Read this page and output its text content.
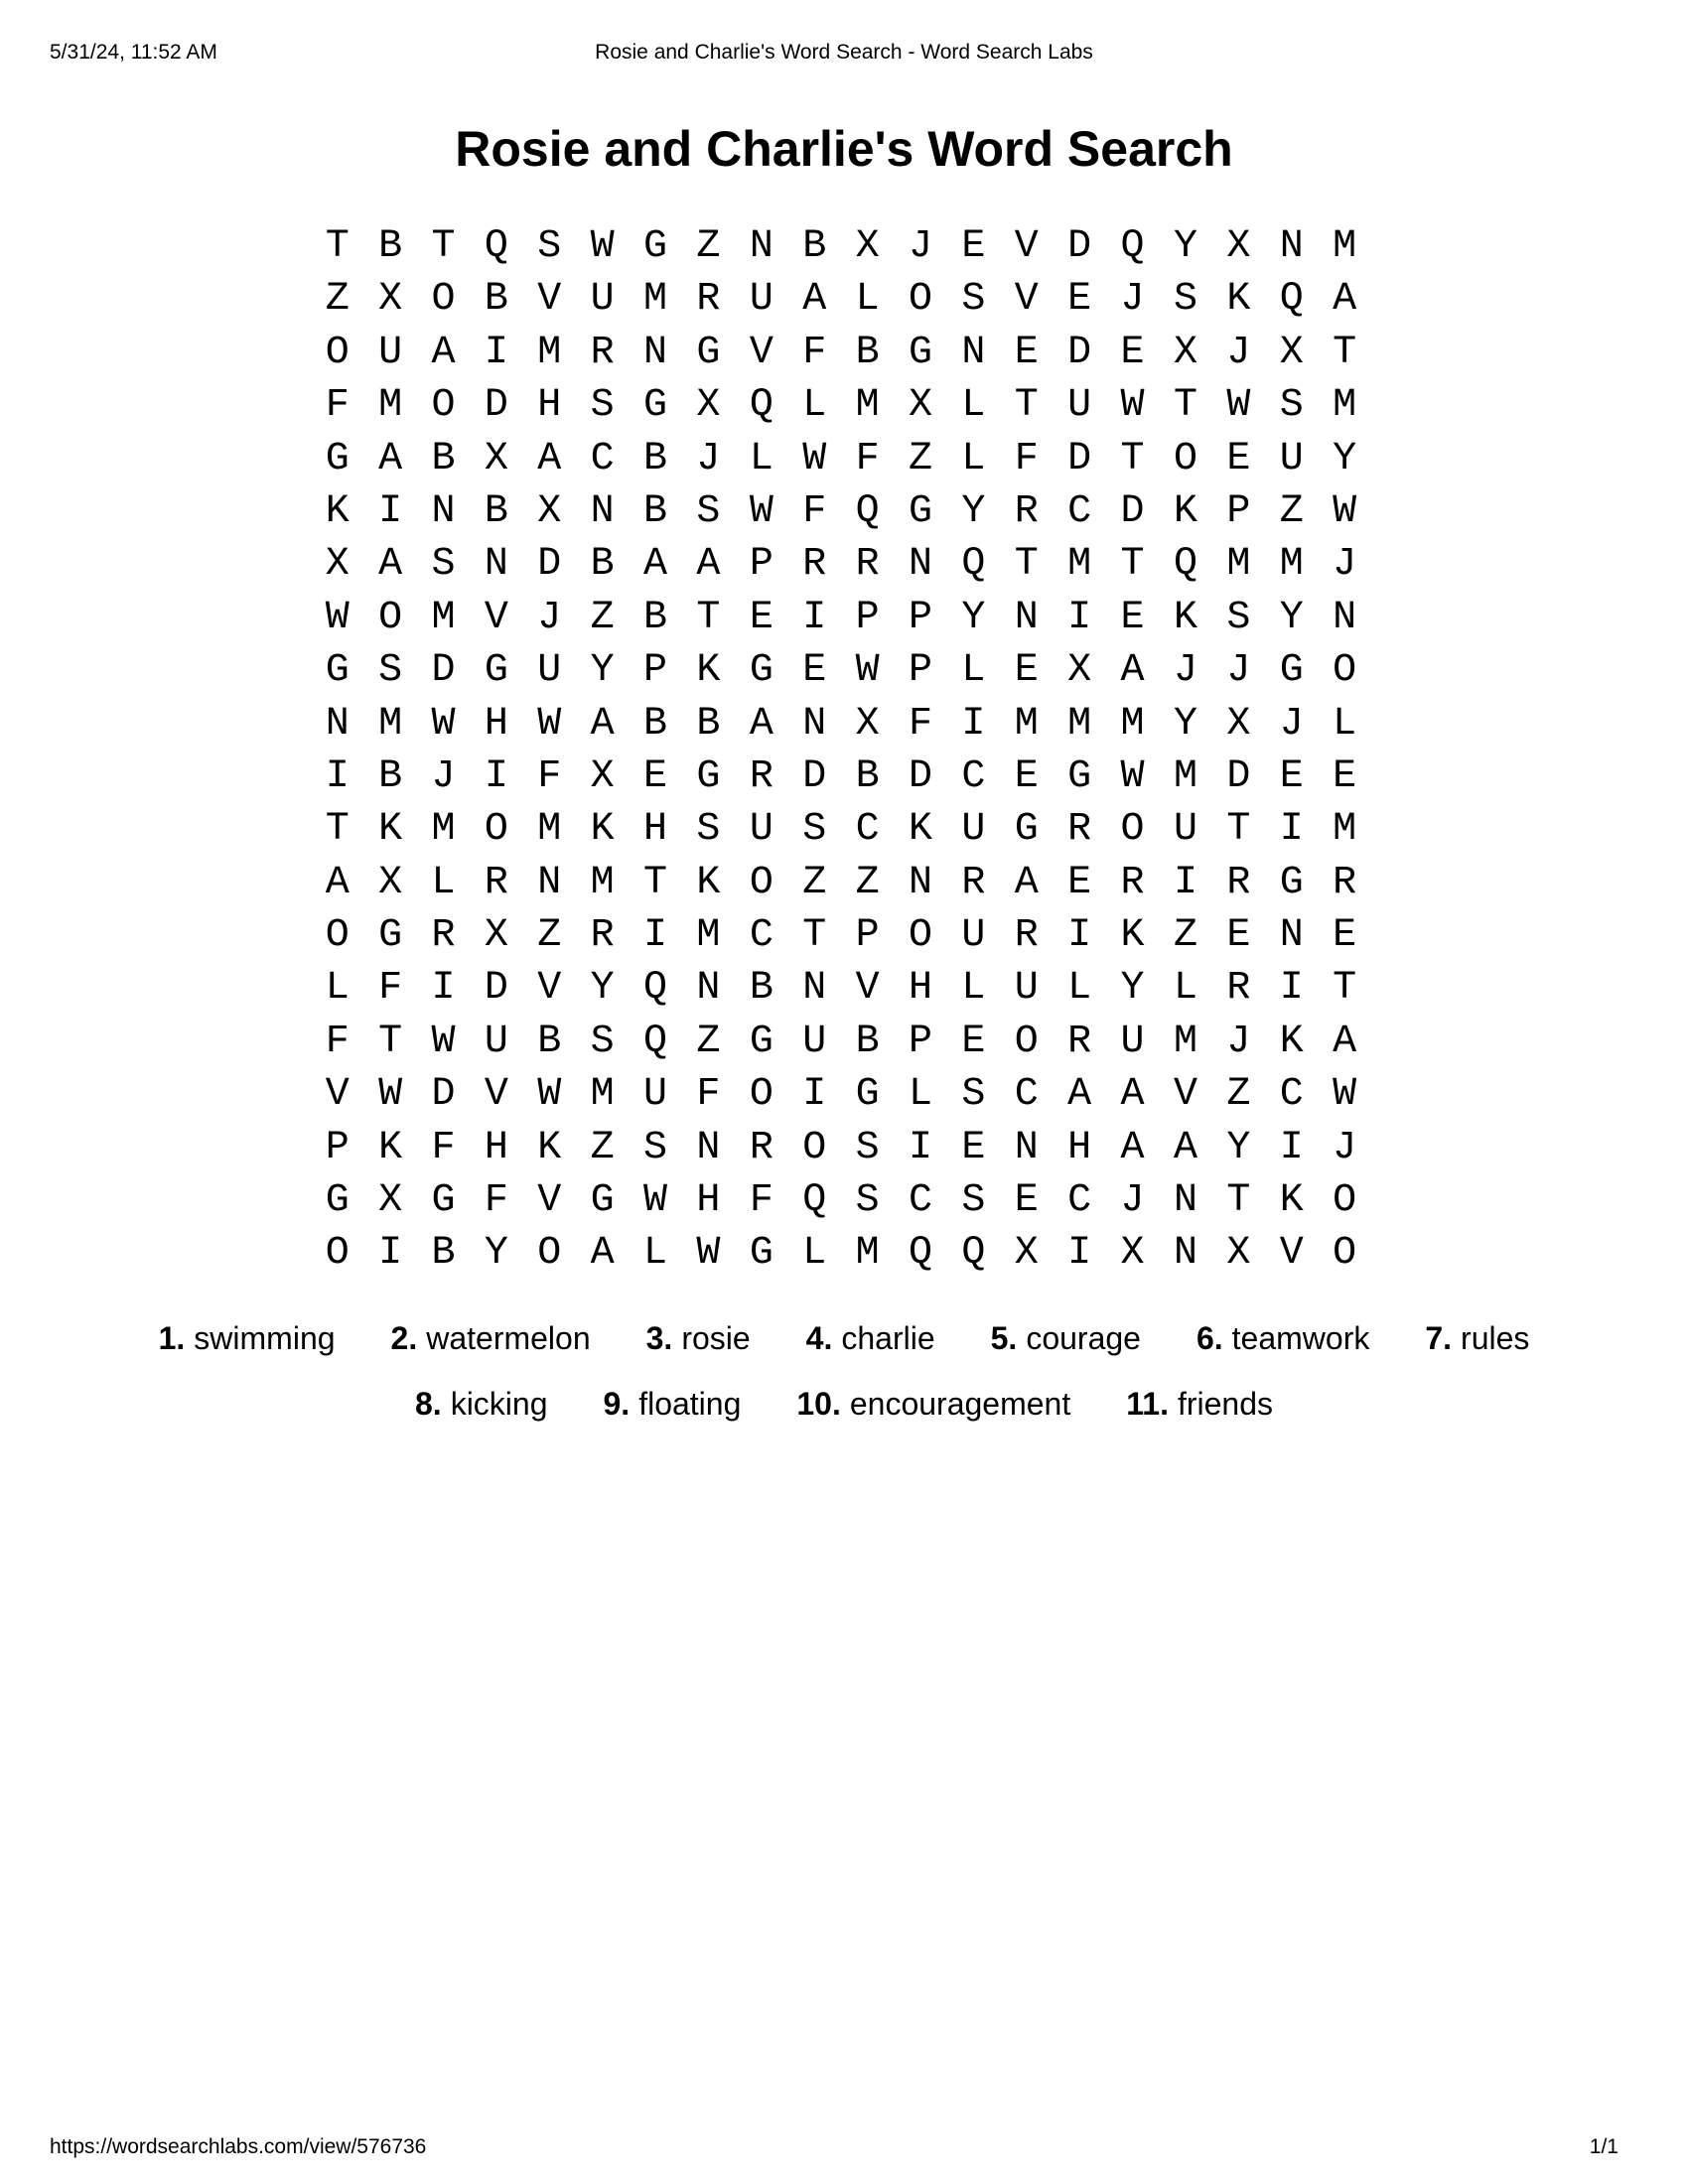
5/31/24, 11:52 AM	Rosie and Charlie's Word Search - Word Search Labs
Rosie and Charlie's Word Search
T B T Q S W G Z N B X J E V D Q Y X N M
Z X O B V U M R U A L O S V E J S K Q A
O U A I M R N G V F B G N E D E X J X T
F M O D H S G X Q L M X L T U W T W S M
G A B X A C B J L W F Z L F D T O E U Y
K I N B X N B S W F Q G Y R C D K P Z W
X A S N D B A A P R R N Q T M T Q M M J
W O M V J Z B T E I P P Y N I E K S Y N
G S D G U Y P K G E W P L E X A J J G O
N M W H W A B B A N X F I M M M Y X J L
I B J I F X E G R D B D C E G W M D E E
T K M O M K H S U S C K U G R O U T I M
A X L R N M T K O Z Z N R A E R I R G R
O G R X Z R I M C T P O U R I K Z E N E
L F I D V Y Q N B N V H L U L Y L R I T
F T W U B S Q Z G U B P E O R U M J K A
V W D V W M U F O I G L S C A A V Z C W
P K F H K Z S N R O S I E N H A A Y I J
G X G F V G W H F Q S C S E C J N T K O
O I B Y O A L W G L M Q Q X I X N X V O
1. swimming 2. watermelon 3. rosie 4. charlie 5. courage 6. teamwork 7. rules
8. kicking 9. floating 10. encouragement 11. friends
https://wordsearchlabs.com/view/576736	1/1
